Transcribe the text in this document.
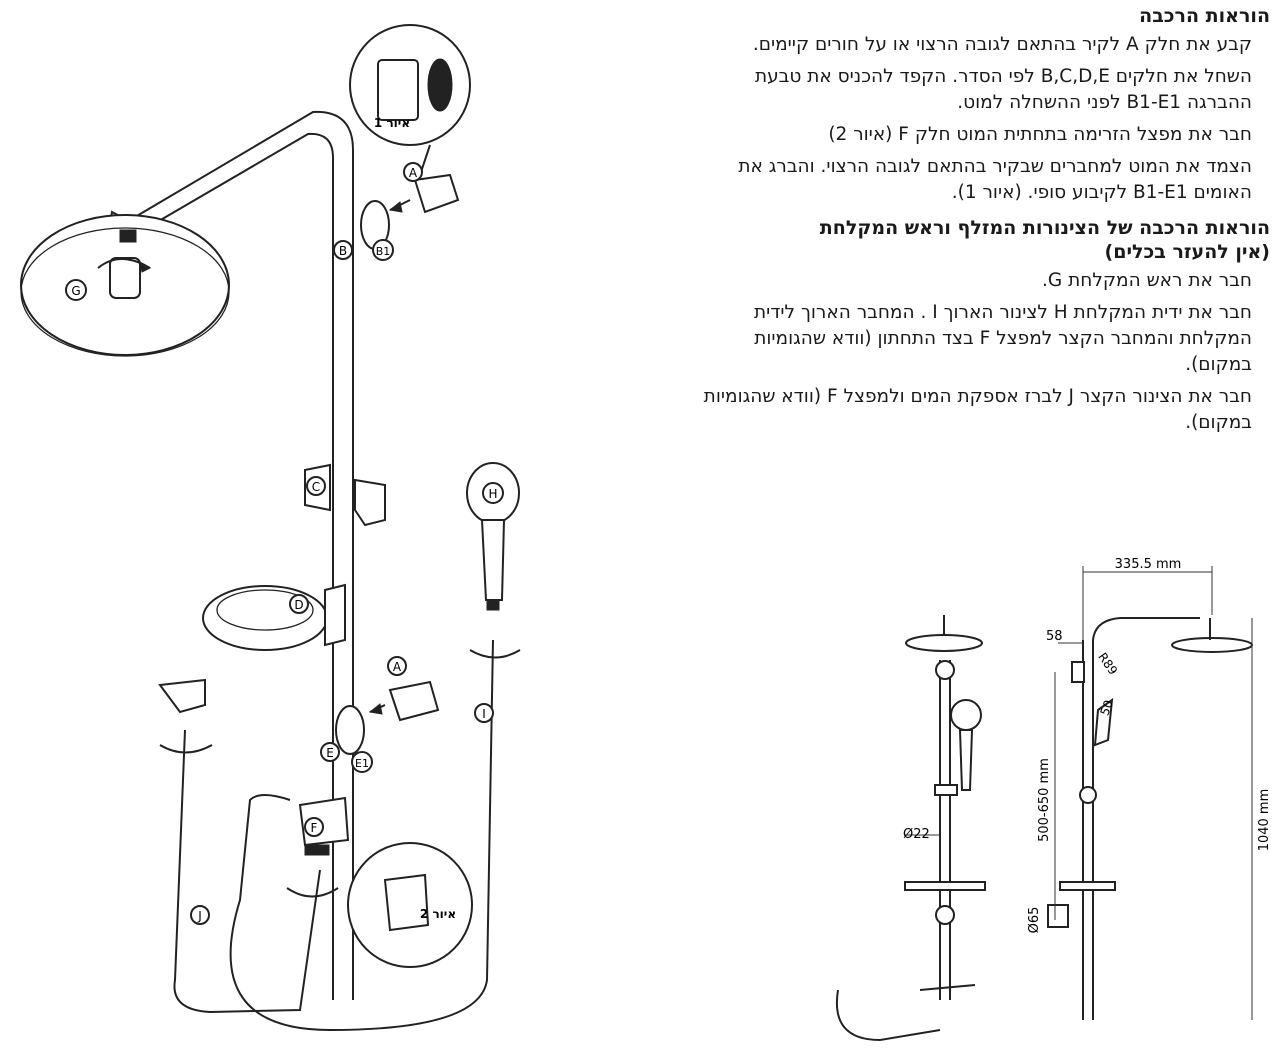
הוראות הרכבה
קבע את חלק A לקיר בהתאם לגובה הרצוי או על חורים קיימים.
השחל את חלקים B,C,D,E לפי הסדר. הקפד להכניס את טבעת ההברגה B1-E1 לפני ההשחלה למוט.
חבר את מפצל הזרימה בתחתית המוט חלק F (איור 2)
הצמד את המוט למחברים שבקיר בהתאם לגובה הרצוי. והברג את האומים B1-E1 לקיבוע סופי. (איור 1).
הוראות הרכבה של הצינורות המזלף וראש המקלחת
(אין להעזר בכלים)
חבר את ראש המקלחת G.
חבר את ידית המקלחת H לצינור הארוך I . המחבר הארוך לידית המקלחת והמחבר הקצר למפצל F בצד התחתון (וודא שהגומיות במקום).
חבר את הצינור הקצר J לברז אספקת המים ולמפצל F (וודא שהגומיות במקום).
A
B	B1
C
D
E
E1
F
G
H
I
J
A
איור 1
איור 2
Ø22
335.5 mm
58
R89
50
500-650 mm	1040 mm
Ø65
